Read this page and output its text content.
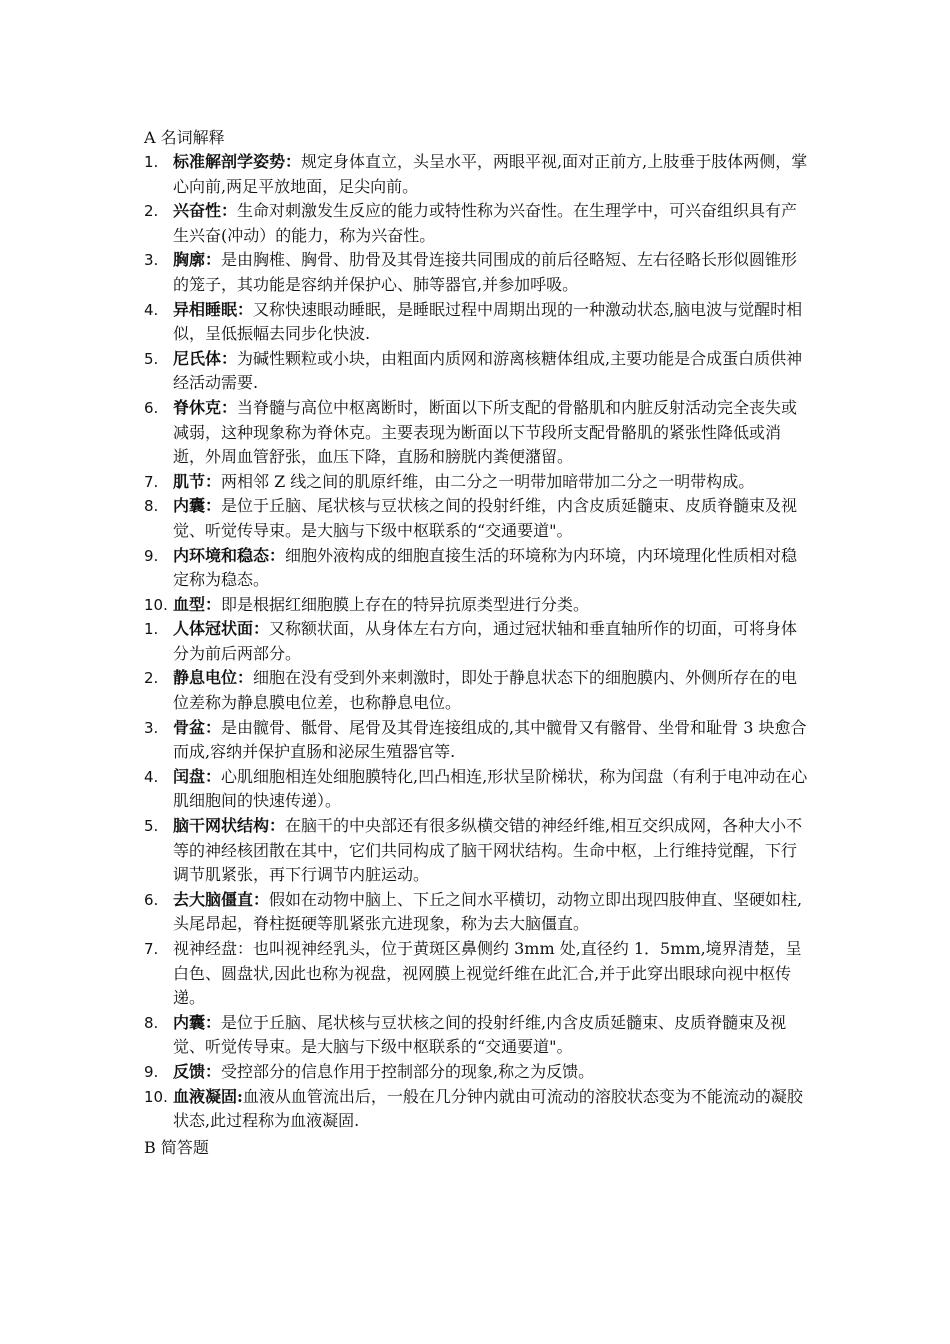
A 名词解释
1. 标准解剖学姿势：规定身体直立，头呈水平，两眼平视,面对正前方,上肢垂于肢体两侧，掌心向前,两足平放地面，足尖向前。
2. 兴奋性：生命对刺激发生反应的能力或特性称为兴奋性。在生理学中，可兴奋组织具有产生兴奋(冲动）的能力，称为兴奋性。
3. 胸廓：是由胸椎、胸骨、肋骨及其骨连接共同围成的前后径略短、左右径略长形似圆锥形的笼子，其功能是容纳并保护心、肺等器官,并参加呼吸。
4. 异相睡眠：又称快速眼动睡眠，是睡眠过程中周期出现的一种激动状态,脑电波与觉醒时相似，呈低振幅去同步化快波.
5. 尼氏体：为碱性颗粒或小块，由粗面内质网和游离核糖体组成,主要功能是合成蛋白质供神经活动需要.
6. 脊休克：当脊髓与高位中枢离断时，断面以下所支配的骨骼肌和内脏反射活动完全丧失或减弱，这种现象称为脊休克。主要表现为断面以下节段所支配骨骼肌的紧张性降低或消逝，外周血管舒张，血压下降，直肠和膀胱内粪便潴留。
7. 肌节：两相邻 Z 线之间的肌原纤维，由二分之一明带加暗带加二分之一明带构成。
8. 内囊：是位于丘脑、尾状核与豆状核之间的投射纤维，内含皮质延髓束、皮质脊髓束及视觉、听觉传导束。是大脑与下级中枢联系的“交通要道"。
9. 内环境和稳态：细胞外液构成的细胞直接生活的环境称为内环境，内环境理化性质相对稳定称为稳态。
10. 血型：即是根据红细胞膜上存在的特异抗原类型进行分类。
1. 人体冠状面：又称额状面，从身体左右方向，通过冠状轴和垂直轴所作的切面，可将身体分为前后两部分。
2. 静息电位：细胞在没有受到外来刺激时，即处于静息状态下的细胞膜内、外侧所存在的电位差称为静息膜电位差，也称静息电位。
3. 骨盆：是由髋骨、骶骨、尾骨及其骨连接组成的,其中髋骨又有髂骨、坐骨和耻骨 3 块愈合而成,容纳并保护直肠和泌尿生殖器官等.
4. 闰盘：心肌细胞相连处细胞膜特化,凹凸相连,形状呈阶梯状，称为闰盘（有利于电冲动在心肌细胞间的快速传递）。
5. 脑干网状结构：在脑干的中央部还有很多纵横交错的神经纤维,相互交织成网，各种大小不等的神经核团散在其中，它们共同构成了脑干网状结构。生命中枢，上行维持觉醒，下行调节肌紧张，再下行调节内脏运动。
6. 去大脑僵直：假如在动物中脑上、下丘之间水平横切，动物立即出现四肢伸直、坚硬如柱,头尾昂起，脊柱挺硬等肌紧张亢进现象，称为去大脑僵直。
7. 视神经盘：也叫视神经乳头，位于黄斑区鼻侧约 3mm 处,直径约 1．5mm,境界清楚，呈白色、圆盘状,因此也称为视盘，视网膜上视觉纤维在此汇合,并于此穿出眼球向视中枢传递。
8. 内囊：是位于丘脑、尾状核与豆状核之间的投射纤维,内含皮质延髓束、皮质脊髓束及视觉、听觉传导束。是大脑与下级中枢联系的“交通要道"。
9. 反馈：受控部分的信息作用于控制部分的现象,称之为反馈。
10. 血液凝固:血液从血管流出后，一般在几分钟内就由可流动的溶胶状态变为不能流动的凝胶状态,此过程称为血液凝固.
B 简答题
